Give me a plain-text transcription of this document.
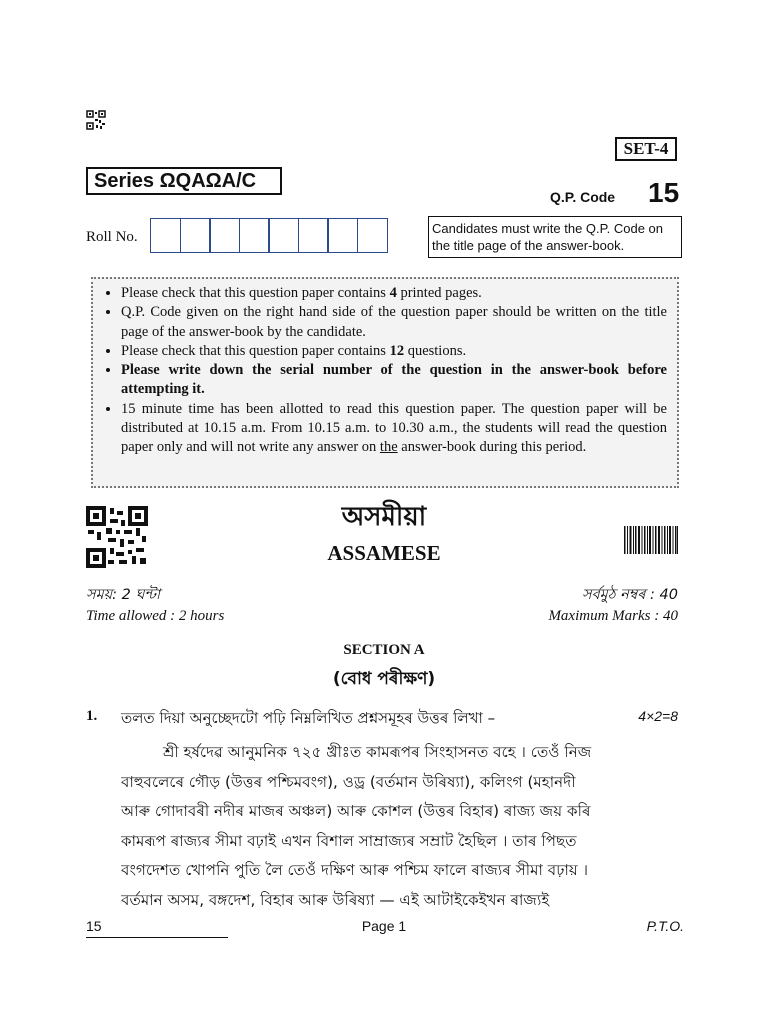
SET-4
Series ΩQAΩA/C
Q.P. Code 15
Roll No.
Candidates must write the Q.P. Code on the title page of the answer-book.
• Please check that this question paper contains 4 printed pages.
• Q.P. Code given on the right hand side of the question paper should be written on the title page of the answer-book by the candidate.
• Please check that this question paper contains 12 questions.
• Please write down the serial number of the question in the answer-book before attempting it.
• 15 minute time has been allotted to read this question paper. The question paper will be distributed at 10.15 a.m. From 10.15 a.m. to 10.30 a.m., the students will read the question paper only and will not write any answer on the answer-book during this period.
অসমীয়া
ASSAMESE
সময়: 2 ঘন্টা	সৰ্বমুঠ নম্বৰ : 40
Time allowed : 2 hours	Maximum Marks : 40
SECTION A
(বোধ পৰীক্ষণ)
1. তলত দিয়া অনুচ্ছেদটো পঢ়ি নিম্নলিখিত প্ৰশ্নসমূহৰ উত্তৰ লিখা –	4×2=8
শ্ৰী হৰ্ষদেৱ আনুমনিক ৭২৫ খ্ৰীঃত কামৰূপৰ সিংহাসনত বহে । তেওঁ নিজ
বাহুবলেৰে গৌড় (উত্তৰ পশ্চিমবংগ), ওড্ৰ (বৰ্তমান উৰিষ্যা), কলিংগ (মহানদী
আৰু গোদাবৰী নদীৰ মাজৰ অঞ্চল) আৰু কোশল (উত্তৰ বিহাৰ) ৰাজ্য জয় কৰি
কামৰূপ ৰাজ্যৰ সীমা বঢ়াই এখন বিশাল সাম্ৰাজ্যৰ সম্ৰাট হৈছিল । তাৰ পিছত
বংগদেশত খোপনি পুতি লৈ তেওঁ দক্ষিণ আৰু পশ্চিম ফালে ৰাজ্যৰ সীমা বঢ়ায় ।
বৰ্তমান অসম, বঙ্গদেশ, বিহাৰ আৰু উৰিষ্যা — এই আটাইকেইখন ৰাজ্যই
15	Page 1	P.T.O.
